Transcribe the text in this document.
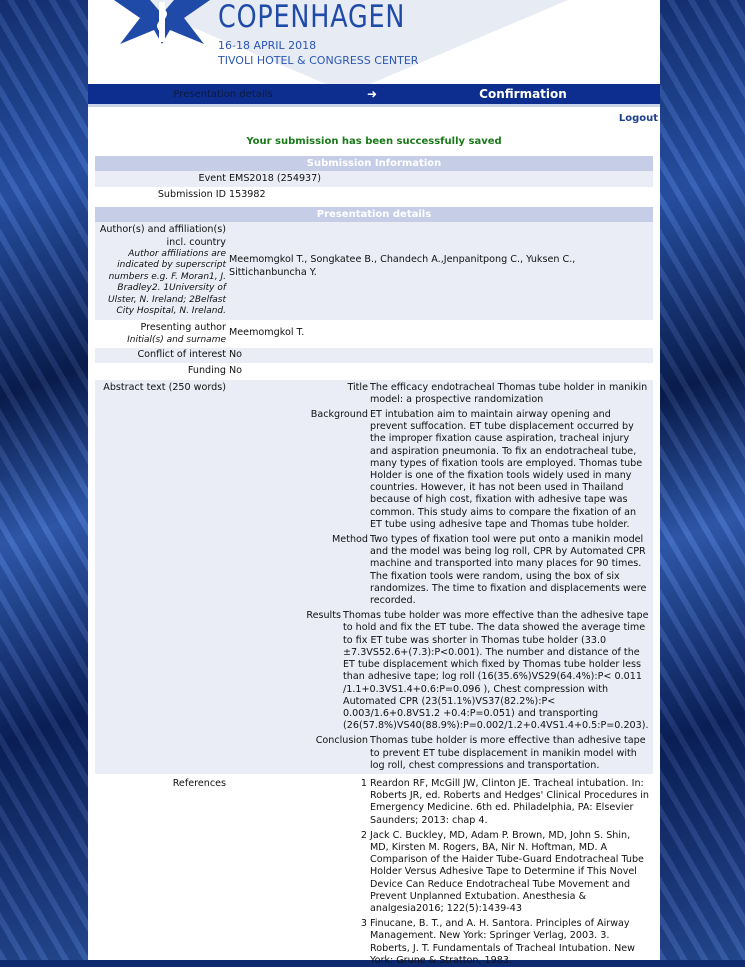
COPENHAGEN
16-18 APRIL 2018
TIVOLI HOTEL & CONGRESS CENTER
Presentation details	➜	Confirmation
Logout
Your submission has been successfully saved
Submission Information
Event EMS2018 (254937)
Submission ID 153982
Presentation details
Author(s) and affiliation(s)
incl. country
Author affiliations are indicated by superscript numbers e.g. F. Moran1, J. Bradley2. 1University of Ulster, N. Ireland; 2Belfast City Hospital, N. Ireland.
Meemomgkol T., Songkatee B., Chandech A.,Jenpanitpong C., Yuksen C., Sittichanbuncha Y.
Presenting author
Initial(s) and surname
Meemomgkol T.
Conflict of interest No
Funding No
Abstract text (250 words)	Title The efficacy endotracheal Thomas tube holder in manikin model: a prospective randomization
Background ET intubation aim to maintain airway opening and prevent suffocation. ET tube displacement occurred by the improper fixation cause aspiration, tracheal injury and aspiration pneumonia. To fix an endotracheal tube, many types of fixation tools are employed. Thomas tube Holder is one of the fixation tools widely used in many countries. However, it has not been used in Thailand because of high cost, fixation with adhesive tape was common. This study aims to compare the fixation of an ET tube using adhesive tape and Thomas tube holder.
Method Two types of fixation tool were put onto a manikin model and the model was being log roll, CPR by Automated CPR machine and transported into many places for 90 times. The fixation tools were random, using the box of six randomizes. The time to fixation and displacements were recorded.
Results Thomas tube holder was more effective than the adhesive tape to hold and fix the ET tube. The data showed the average time to fix ET tube was shorter in Thomas tube holder (33.0 ±7.3VS52.6+(7.3):P<0.001). The number and distance of the ET tube displacement which fixed by Thomas tube holder less than adhesive tape; log roll (16(35.6%)VS29(64.4%):P< 0.011 /1.1+0.3VS1.4+0.6:P=0.096 ), Chest compression with Automated CPR (23(51.1%)VS37(82.2%):P< 0.003/1.6+0.8VS1.2 +0.4:P=0.051) and transporting (26(57.8%)VS40(88.9%):P=0.002/1.2+0.4VS1.4+0.5:P=0.203).
Conclusion Thomas tube holder is more effective than adhesive tape to prevent ET tube displacement in manikin model with log roll, chest compressions and transportation.
References	1 Reardon RF, McGill JW, Clinton JE. Tracheal intubation. In: Roberts JR, ed. Roberts and Hedges' Clinical Procedures in Emergency Medicine. 6th ed. Philadelphia, PA: Elsevier Saunders; 2013: chap 4.
2 Jack C. Buckley, MD, Adam P. Brown, MD, John S. Shin, MD, Kirsten M. Rogers, BA, Nir N. Hoftman, MD. A Comparison of the Haider Tube-Guard Endotracheal Tube Holder Versus Adhesive Tape to Determine if This Novel Device Can Reduce Endotracheal Tube Movement and Prevent Unplanned Extubation. Anesthesia & analgesia2016; 122(5):1439-43
3 Finucane, B. T., and A. H. Santora. Principles of Airway Management. New York: Springer Verlag, 2003. 3. Roberts, J. T. Fundamentals of Tracheal Intubation. New York: Grune & Stratton, 1983.
